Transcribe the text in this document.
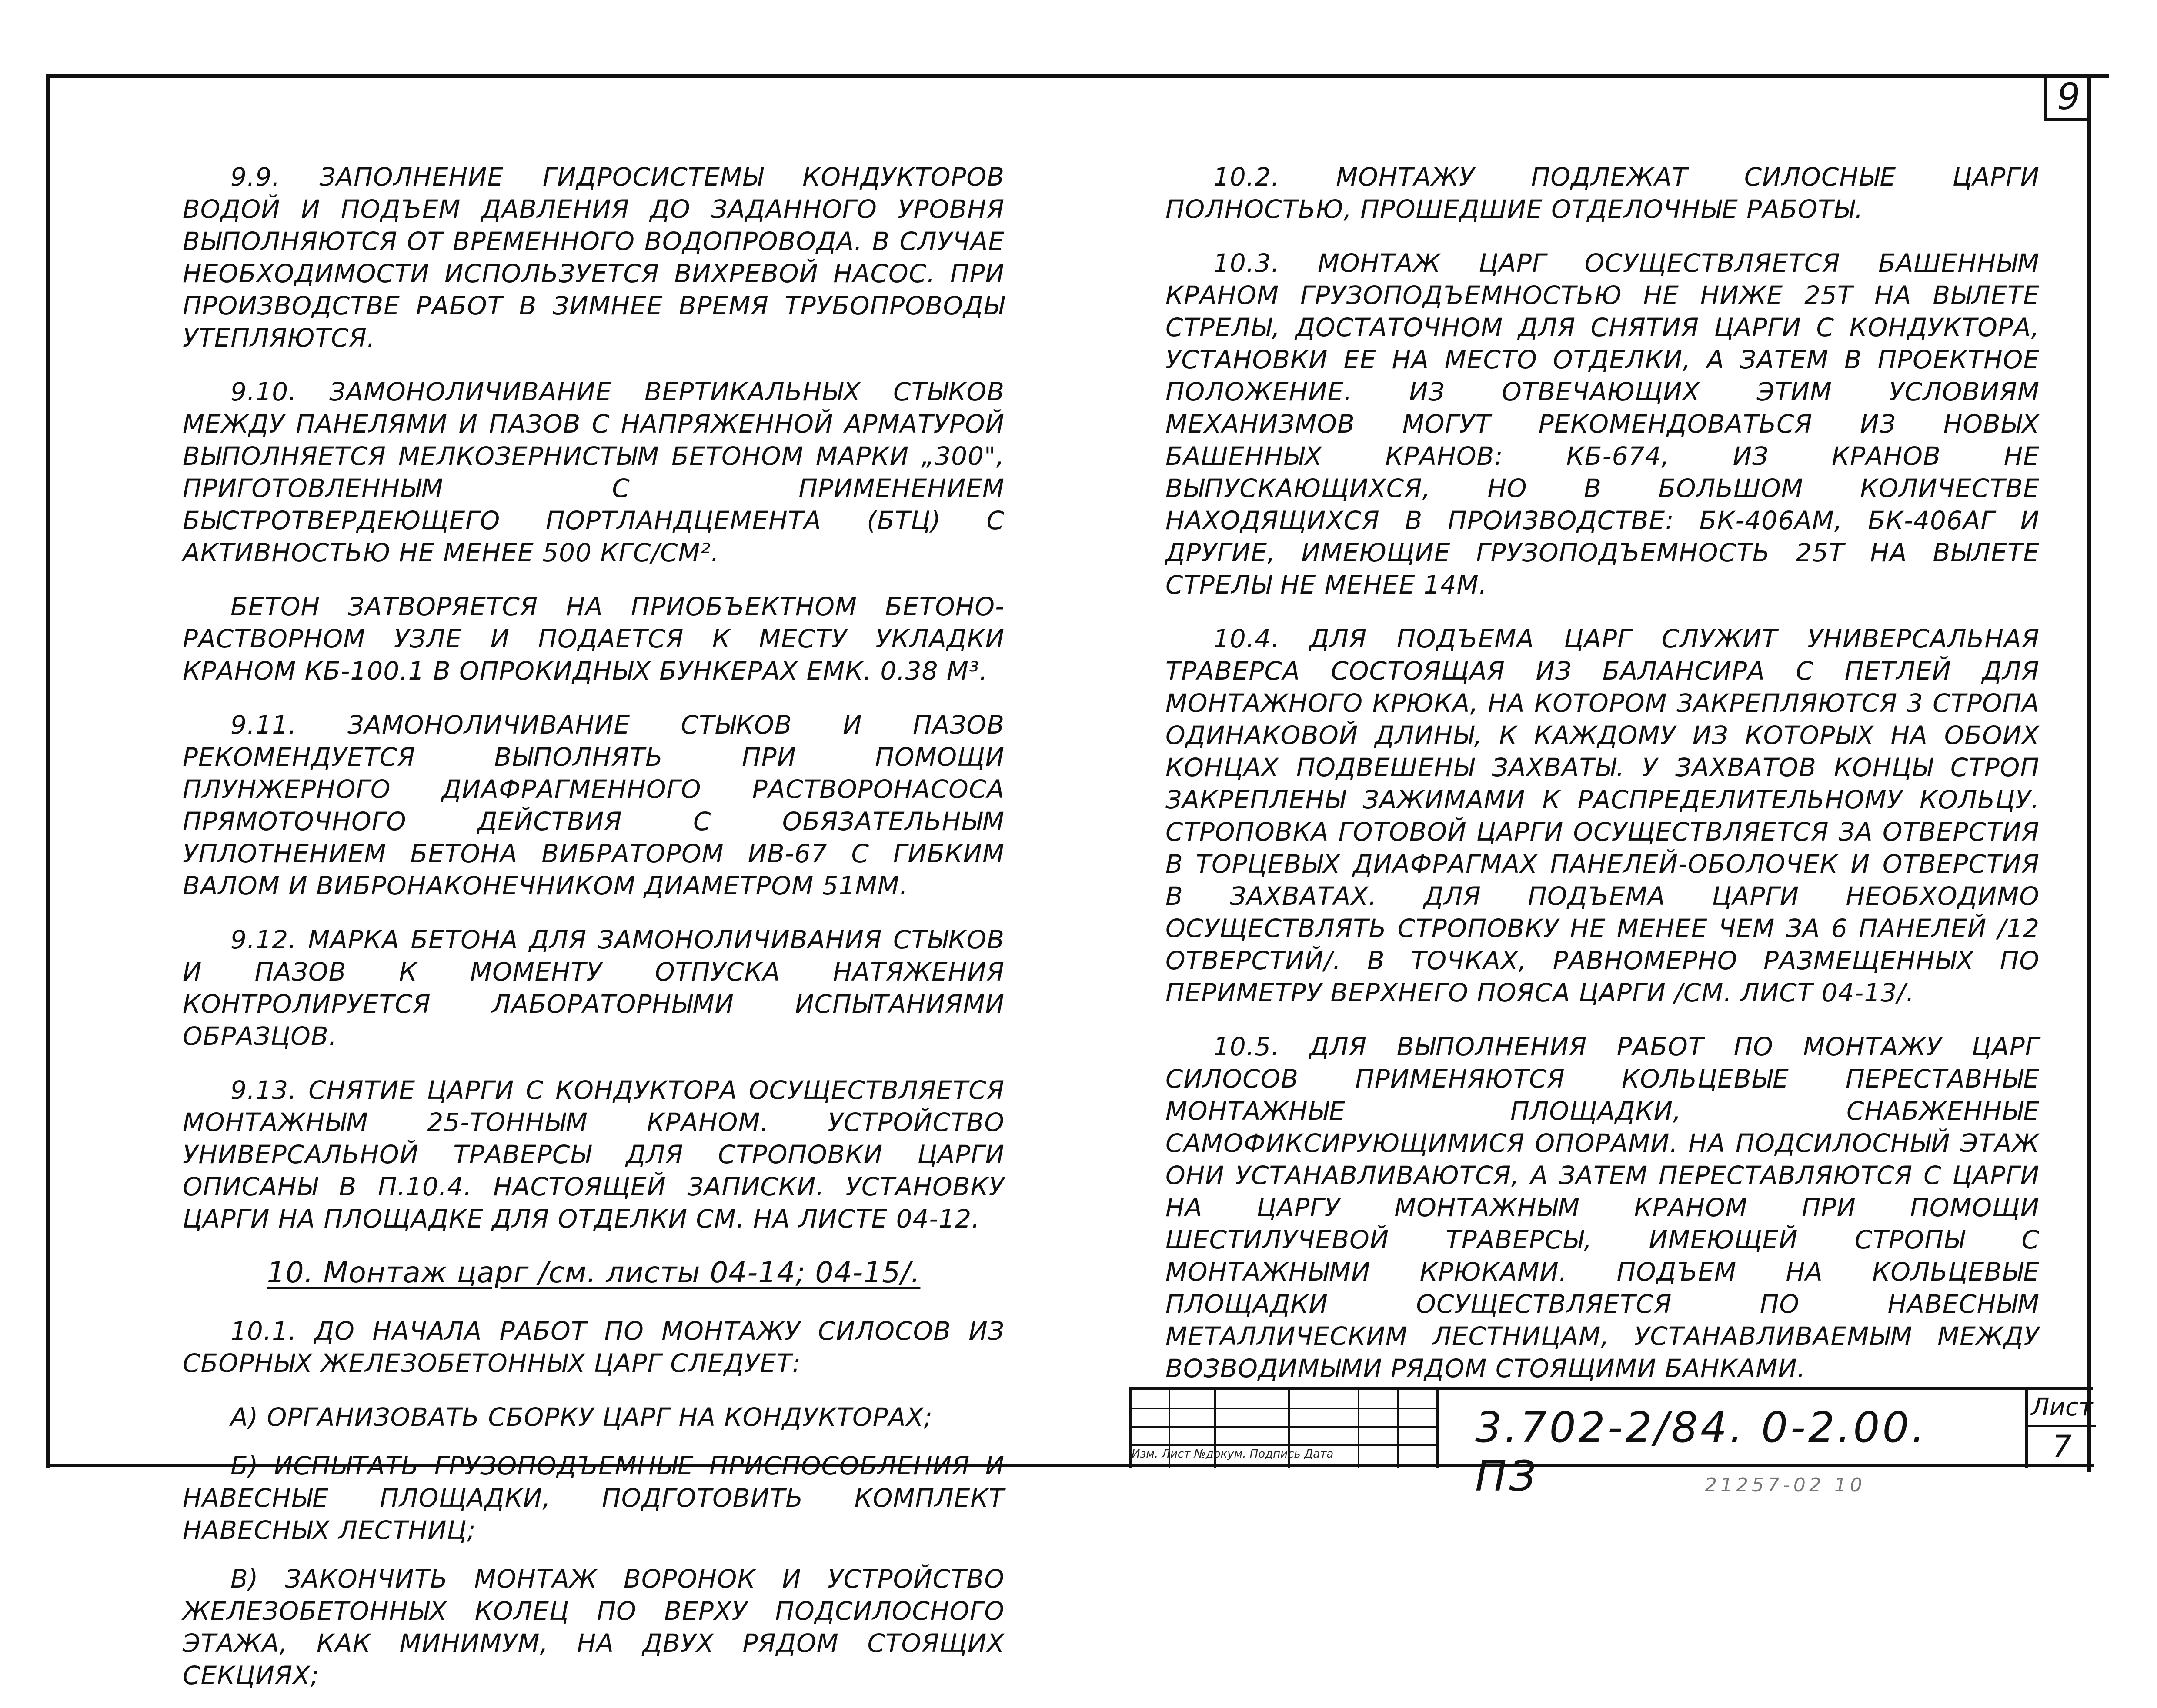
9

9.9. ЗАПОЛНЕНИЕ ГИДРОСИСТЕМЫ КОНДУКТОРОВ ВОДОЙ И ПОДЪЕМ ДАВЛЕНИЯ ДО ЗАДАННОГО УРОВНЯ ВЫПОЛНЯЮТСЯ ОТ ВРЕМЕННОГО ВОДОПРОВОДА. В СЛУЧАЕ НЕОБХОДИМОСТИ ИСПОЛЬЗУЕТСЯ ВИХРЕВОЙ НАСОС. ПРИ ПРОИЗВОДСТВЕ РАБОТ В ЗИМНЕЕ ВРЕМЯ ТРУБОПРОВОДЫ УТЕПЛЯЮТСЯ.

9.10. ЗАМОНОЛИЧИВАНИЕ ВЕРТИКАЛЬНЫХ СТЫКОВ МЕЖДУ ПАНЕЛЯМИ И ПАЗОВ С НАПРЯЖЕННОЙ АРМАТУРОЙ ВЫПОЛНЯЕТСЯ МЕЛКОЗЕРНИСТЫМ БЕТОНОМ МАРКИ „300", ПРИГОТОВЛЕННЫМ С ПРИМЕНЕНИЕМ БЫСТРОТВЕРДЕЮЩЕГО ПОРТЛАНДЦЕМЕНТА (БТЦ) С АКТИВНОСТЬЮ НЕ МЕНЕЕ 500 КГС/СМ².

БЕТОН ЗАТВОРЯЕТСЯ НА ПРИОБЪЕКТНОМ БЕТОНО-РАСТВОРНОМ УЗЛЕ И ПОДАЕТСЯ К МЕСТУ УКЛАДКИ КРАНОМ КБ-100.1 В ОПРОКИДНЫХ БУНКЕРАХ ЕМК. 0.38 М³.

9.11. ЗАМОНОЛИЧИВАНИЕ СТЫКОВ И ПАЗОВ РЕКОМЕНДУЕТСЯ ВЫПОЛНЯТЬ ПРИ ПОМОЩИ ПЛУНЖЕРНОГО ДИАФРАГМЕННОГО РАСТВОРОНАСОСА ПРЯМОТОЧНОГО ДЕЙСТВИЯ С ОБЯЗАТЕЛЬНЫМ УПЛОТНЕНИЕМ БЕТОНА ВИБРАТОРОМ ИВ-67 С ГИБКИМ ВАЛОМ И ВИБРОНАКОНЕЧНИКОМ ДИАМЕТРОМ 51ММ.

9.12. МАРКА БЕТОНА ДЛЯ ЗАМОНОЛИЧИВАНИЯ СТЫКОВ И ПАЗОВ К МОМЕНТУ ОТПУСКА НАТЯЖЕНИЯ КОНТРОЛИРУЕТСЯ ЛАБОРАТОРНЫМИ ИСПЫТАНИЯМИ ОБРАЗЦОВ.

9.13. СНЯТИЕ ЦАРГИ С КОНДУКТОРА ОСУЩЕСТВЛЯЕТСЯ МОНТАЖНЫМ 25-ТОННЫМ КРАНОМ. УСТРОЙСТВО УНИВЕРСАЛЬНОЙ ТРАВЕРСЫ ДЛЯ СТРОПОВКИ ЦАРГИ ОПИСАНЫ В П.10.4. НАСТОЯЩЕЙ ЗАПИСКИ. УСТАНОВКУ ЦАРГИ НА ПЛОЩАДКЕ ДЛЯ ОТДЕЛКИ СМ. НА ЛИСТЕ 04-12.

10. Монтаж царг /см. листы 04-14; 04-15/.

10.1. ДО НАЧАЛА РАБОТ ПО МОНТАЖУ СИЛОСОВ ИЗ СБОРНЫХ ЖЕЛЕЗОБЕТОННЫХ ЦАРГ СЛЕДУЕТ:

А) ОРГАНИЗОВАТЬ СБОРКУ ЦАРГ НА КОНДУКТОРАХ;

Б) ИСПЫТАТЬ ГРУЗОПОДЪЕМНЫЕ ПРИСПОСОБЛЕНИЯ И НАВЕСНЫЕ ПЛОЩАДКИ, ПОДГОТОВИТЬ КОМПЛЕКТ НАВЕСНЫХ ЛЕСТНИЦ;

В) ЗАКОНЧИТЬ МОНТАЖ ВОРОНОК И УСТРОЙСТВО ЖЕЛЕЗОБЕТОННЫХ КОЛЕЦ ПО ВЕРХУ ПОДСИЛОСНОГО ЭТАЖА, КАК МИНИМУМ, НА ДВУХ РЯДОМ СТОЯЩИХ СЕКЦИЯХ;

10.2. МОНТАЖУ ПОДЛЕЖАТ СИЛОСНЫЕ ЦАРГИ ПОЛНОСТЬЮ, ПРОШЕДШИЕ ОТДЕЛОЧНЫЕ РАБОТЫ.

10.3. МОНТАЖ ЦАРГ ОСУЩЕСТВЛЯЕТСЯ БАШЕННЫМ КРАНОМ ГРУЗОПОДЪЕМНОСТЬЮ НЕ НИЖЕ 25Т НА ВЫЛЕТЕ СТРЕЛЫ, ДОСТАТОЧНОМ ДЛЯ СНЯТИЯ ЦАРГИ С КОНДУКТОРА, УСТАНОВКИ ЕЕ НА МЕСТО ОТДЕЛКИ, А ЗАТЕМ В ПРОЕКТНОЕ ПОЛОЖЕНИЕ. ИЗ ОТВЕЧАЮЩИХ ЭТИМ УСЛОВИЯМ МЕХАНИЗМОВ МОГУТ РЕКОМЕНДОВАТЬСЯ ИЗ НОВЫХ БАШЕННЫХ КРАНОВ: КБ-674, ИЗ КРАНОВ НЕ ВЫПУСКАЮЩИХСЯ, НО В БОЛЬШОМ КОЛИЧЕСТВЕ НАХОДЯЩИХСЯ В ПРОИЗВОДСТВЕ: БК-406АМ, БК-406АГ И ДРУГИЕ, ИМЕЮЩИЕ ГРУЗОПОДЪЕМНОСТЬ 25Т НА ВЫЛЕТЕ СТРЕЛЫ НЕ МЕНЕЕ 14М.

10.4. ДЛЯ ПОДЪЕМА ЦАРГ СЛУЖИТ УНИВЕРСАЛЬНАЯ ТРАВЕРСА СОСТОЯЩАЯ ИЗ БАЛАНСИРА С ПЕТЛЕЙ ДЛЯ МОНТАЖНОГО КРЮКА, НА КОТОРОМ ЗАКРЕПЛЯЮТСЯ 3 СТРОПА ОДИНАКОВОЙ ДЛИНЫ, К КАЖДОМУ ИЗ КОТОРЫХ НА ОБОИХ КОНЦАХ ПОДВЕШЕНЫ ЗАХВАТЫ. У ЗАХВАТОВ КОНЦЫ СТРОП ЗАКРЕПЛЕНЫ ЗАЖИМАМИ К РАСПРЕДЕЛИТЕЛЬНОМУ КОЛЬЦУ. СТРОПОВКА ГОТОВОЙ ЦАРГИ ОСУЩЕСТВЛЯЕТСЯ ЗА ОТВЕРСТИЯ В ТОРЦЕВЫХ ДИАФРАГМАХ ПАНЕЛЕЙ-ОБОЛОЧЕК И ОТВЕРСТИЯ В ЗАХВАТАХ. ДЛЯ ПОДЪЕМА ЦАРГИ НЕОБХОДИМО ОСУЩЕСТВЛЯТЬ СТРОПОВКУ НЕ МЕНЕЕ ЧЕМ ЗА 6 ПАНЕЛЕЙ /12 ОТВЕРСТИЙ/. В ТОЧКАХ, РАВНОМЕРНО РАЗМЕЩЕННЫХ ПО ПЕРИМЕТРУ ВЕРХНЕГО ПОЯСА ЦАРГИ /СМ. ЛИСТ 04-13/.

10.5. ДЛЯ ВЫПОЛНЕНИЯ РАБОТ ПО МОНТАЖУ ЦАРГ СИЛОСОВ ПРИМЕНЯЮТСЯ КОЛЬЦЕВЫЕ ПЕРЕСТАВНЫЕ МОНТАЖНЫЕ ПЛОЩАДКИ, СНАБЖЕННЫЕ САМОФИКСИРУЮЩИМИСЯ ОПОРАМИ. НА ПОДСИЛОСНЫЙ ЭТАЖ ОНИ УСТАНАВЛИВАЮТСЯ, А ЗАТЕМ ПЕРЕСТАВЛЯЮТСЯ С ЦАРГИ НА ЦАРГУ МОНТАЖНЫМ КРАНОМ ПРИ ПОМОЩИ ШЕСТИЛУЧЕВОЙ ТРАВЕРСЫ, ИМЕЮЩЕЙ СТРОПЫ С МОНТАЖНЫМИ КРЮКАМИ. ПОДЪЕМ НА КОЛЬЦЕВЫЕ ПЛОЩАДКИ ОСУЩЕСТВЛЯЕТСЯ ПО НАВЕСНЫМ МЕТАЛЛИЧЕСКИМ ЛЕСТНИЦАМ, УСТАНАВЛИВАЕМЫМ МЕЖДУ ВОЗВОДИМЫМИ РЯДОМ СТОЯЩИМИ БАНКАМИ.

Изм. Лист №докум. Подпись Дата
3.702-2/84. 0-2.00. ПЗ
Лист
7
21257-02 10
